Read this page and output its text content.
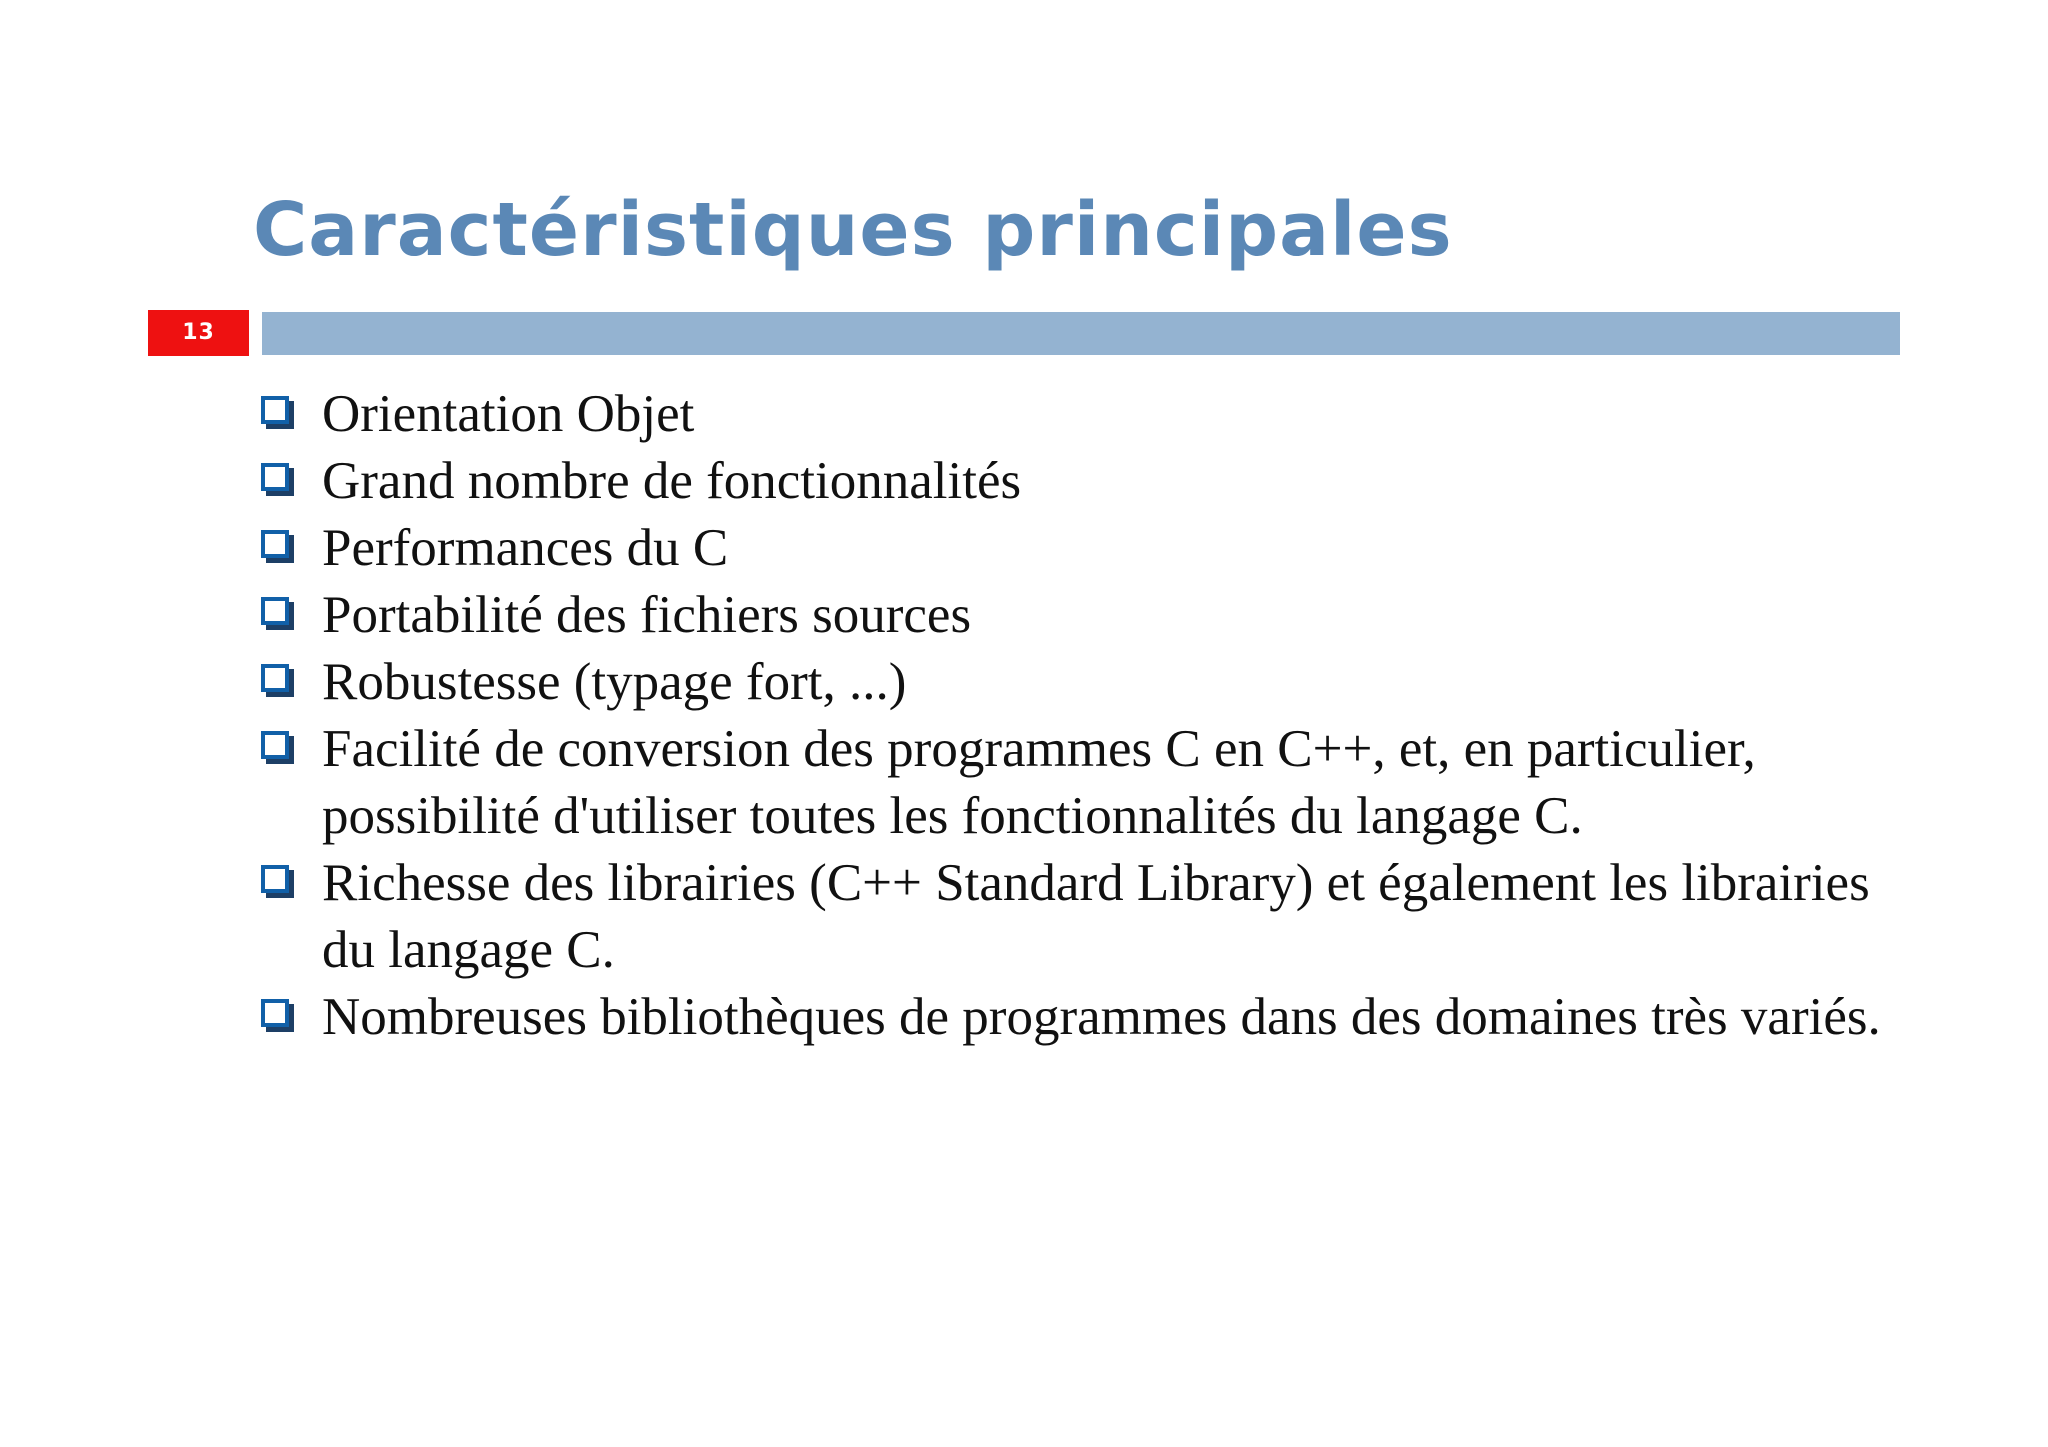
Caractéristiques principales
13
Orientation Objet
Grand nombre de fonctionnalités
Performances du C
Portabilité des fichiers sources
Robustesse (typage fort, ...)
Facilité de conversion des programmes C en C++, et, en particulier, possibilité d'utiliser toutes les fonctionnalités du langage C.
Richesse des librairies (C++ Standard Library) et également les librairies du langage C.
Nombreuses bibliothèques de programmes dans des domaines très variés.
